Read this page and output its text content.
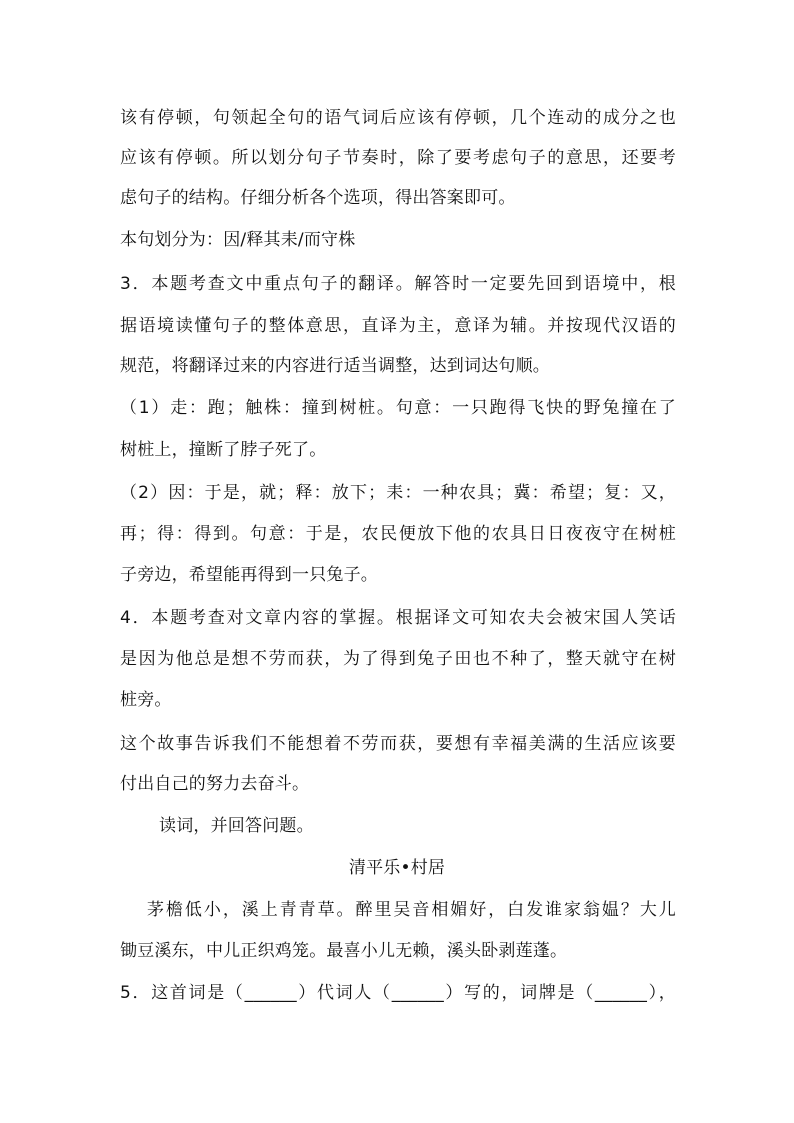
该有停顿，句领起全句的语气词后应该有停顿，几个连动的成分之也
应该有停顿。所以划分句子节奏时，除了要考虑句子的意思，还要考
虑句子的结构。仔细分析各个选项，得出答案即可。
本句划分为：因/释其耒/而守株
3．本题考查文中重点句子的翻译。解答时一定要先回到语境中，根
据语境读懂句子的整体意思，直译为主，意译为辅。并按现代汉语的
规范，将翻译过来的内容进行适当调整，达到词达句顺。
（1）走：跑；触株：撞到树桩。句意：一只跑得飞快的野兔撞在了
树桩上，撞断了脖子死了。
（2）因：于是，就；释：放下；耒：一种农具；冀：希望；复：又，
再；得：得到。句意：于是，农民便放下他的农具日日夜夜守在树桩
子旁边，希望能再得到一只兔子。
4．本题考查对文章内容的掌握。根据译文可知农夫会被宋国人笑话
是因为他总是想不劳而获，为了得到兔子田也不种了，整天就守在树
桩旁。
这个故事告诉我们不能想着不劳而获，要想有幸福美满的生活应该要
付出自己的努力去奋斗。
读词，并回答问题。
清平乐•村居
茅檐低小，溪上青青草。醉里吴音相媚好，白发谁家翁媪？大儿
锄豆溪东，中儿正织鸡笼。最喜小儿无赖，溪头卧剥莲蓬。
5．这首词是（______）代词人（______）写的，词牌是（______），
